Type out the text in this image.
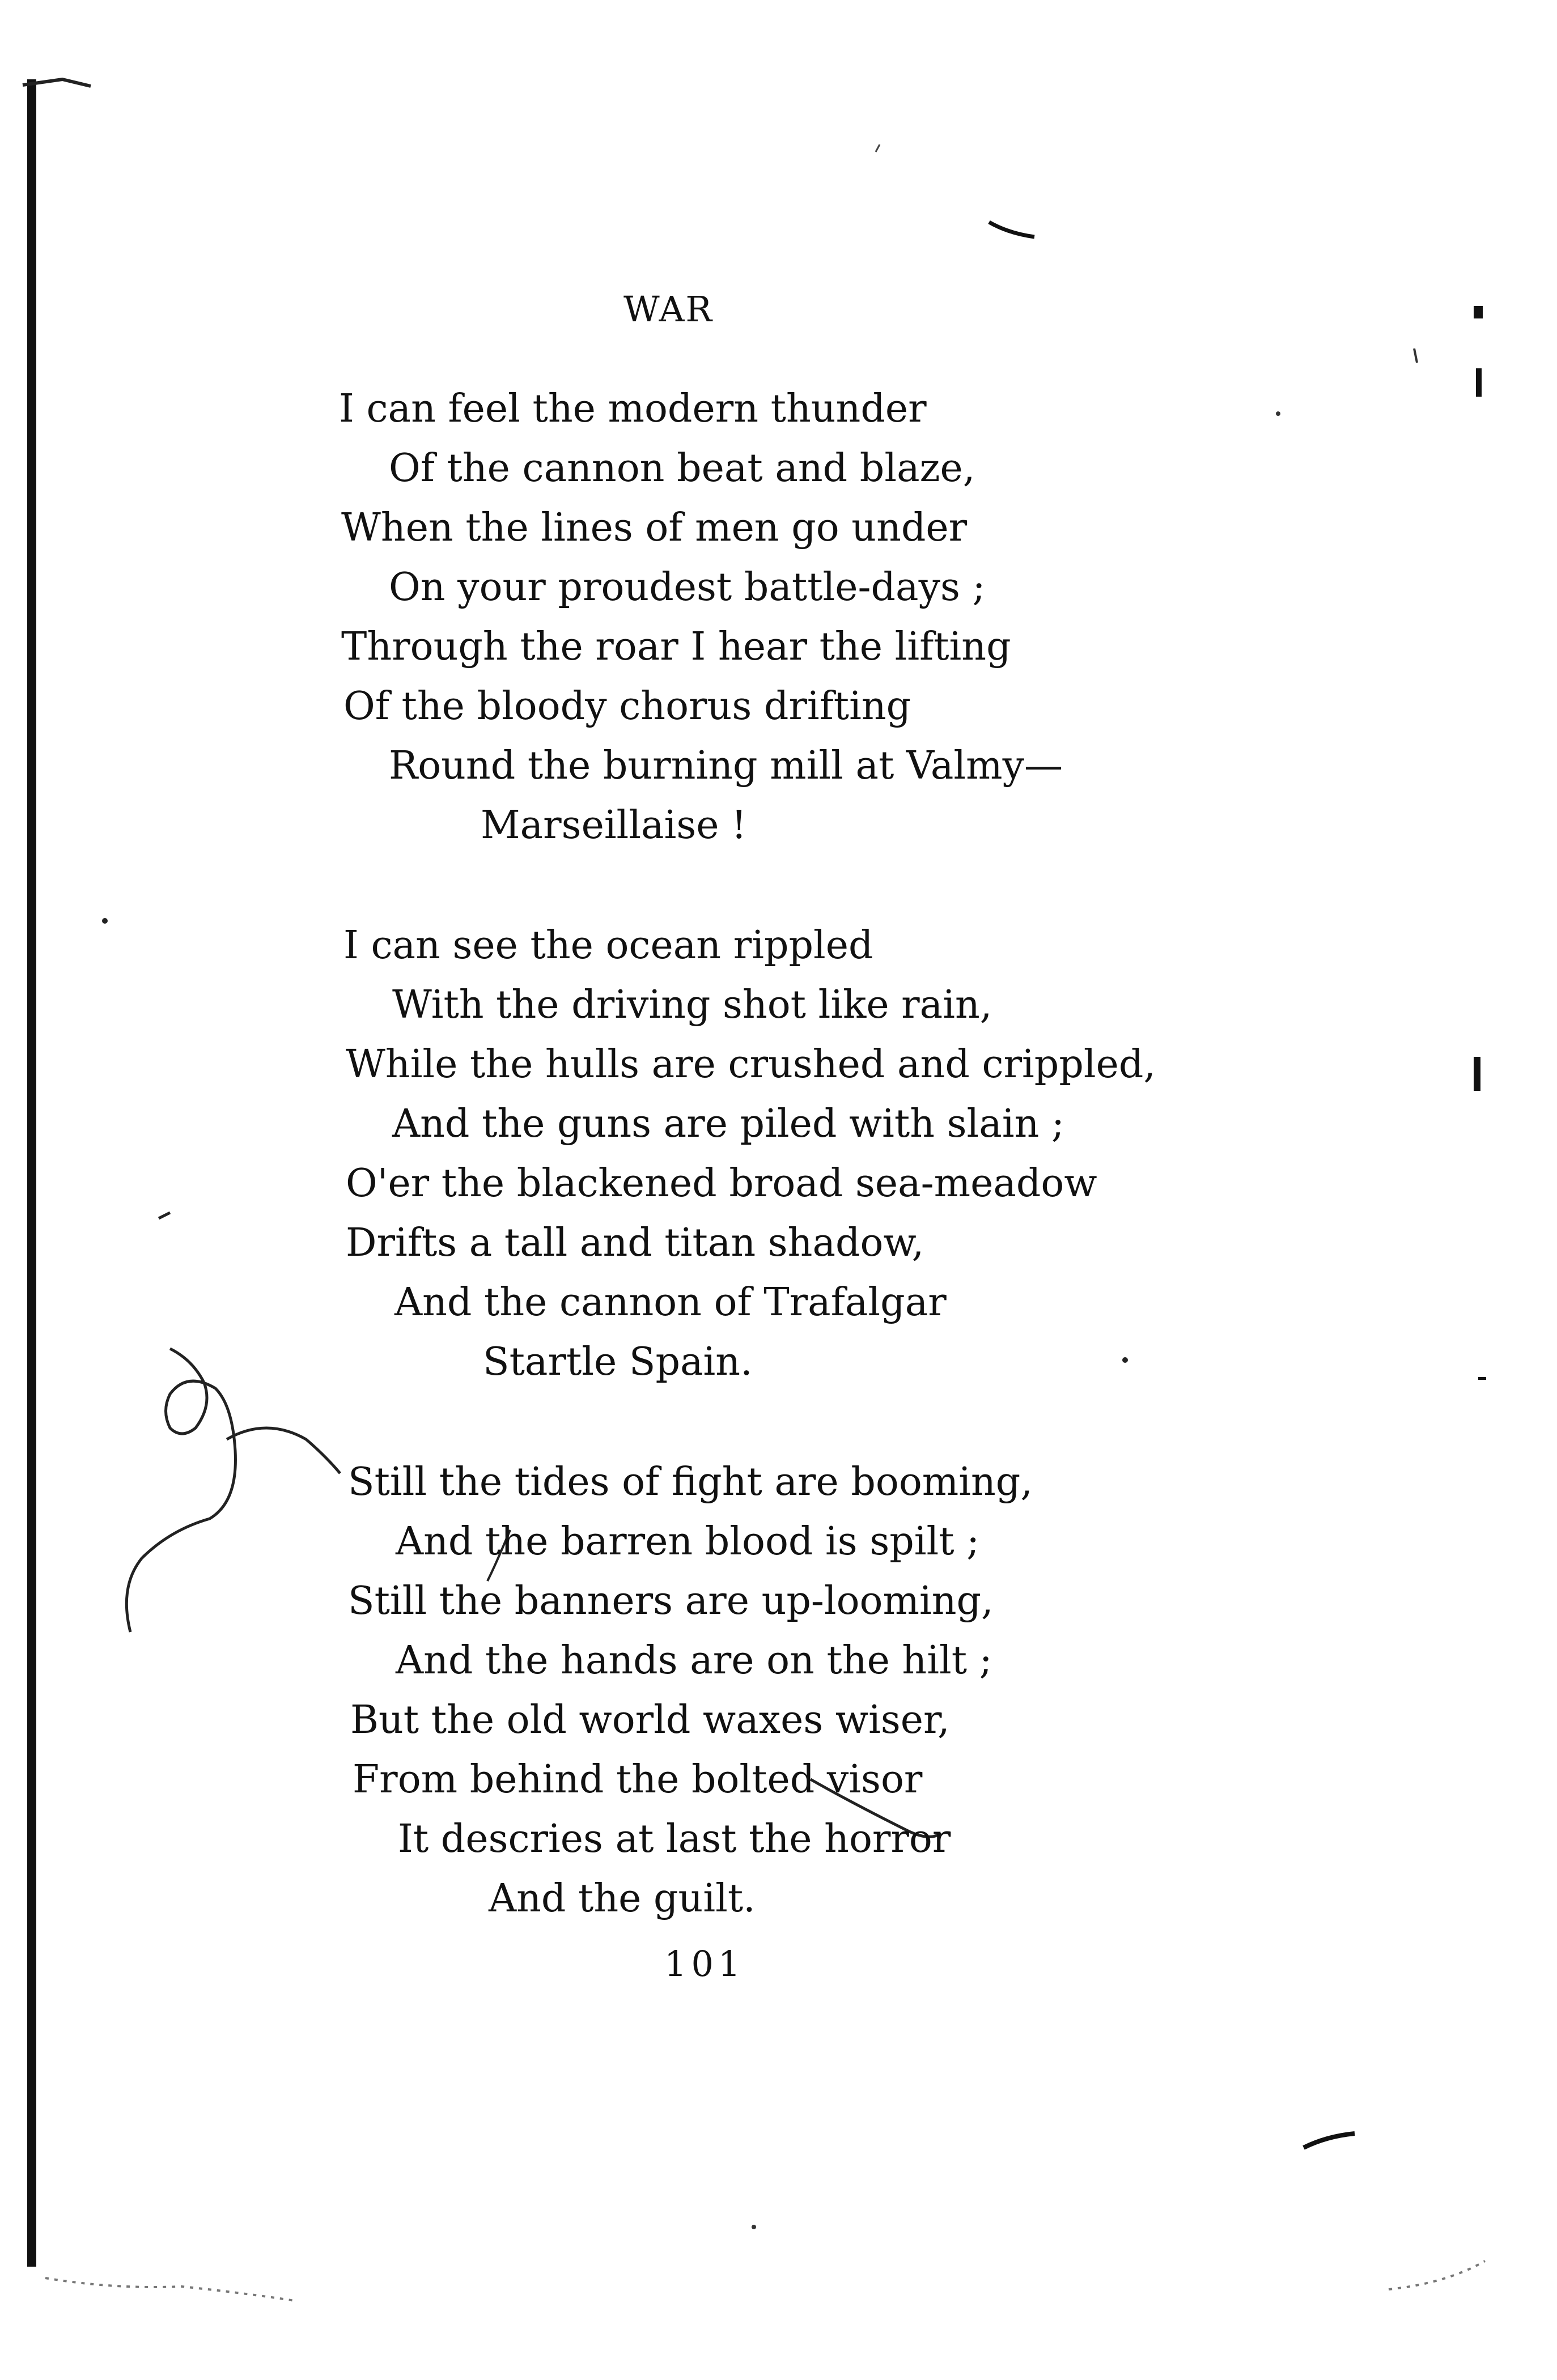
WAR
I can feel the modern thunder
Of the cannon beat and blaze,
When the lines of men go under
On your proudest battle-days ;
Through the roar I hear the lifting
Of the bloody chorus drifting
Round the burning mill at Valmy—
Marseillaise !
I can see the ocean rippled
With the driving shot like rain,
While the hulls are crushed and crippled,
And the guns are piled with slain ;
O'er the blackened broad sea-meadow
Drifts a tall and titan shadow,
And the cannon of Trafalgar
Startle Spain.
Still the tides of fight are booming,
And the barren blood is spilt ;
Still the banners are up-looming,
And the hands are on the hilt ;
But the old world waxes wiser,
From behind the bolted visor
It descries at last the horror
And the guilt.
101
